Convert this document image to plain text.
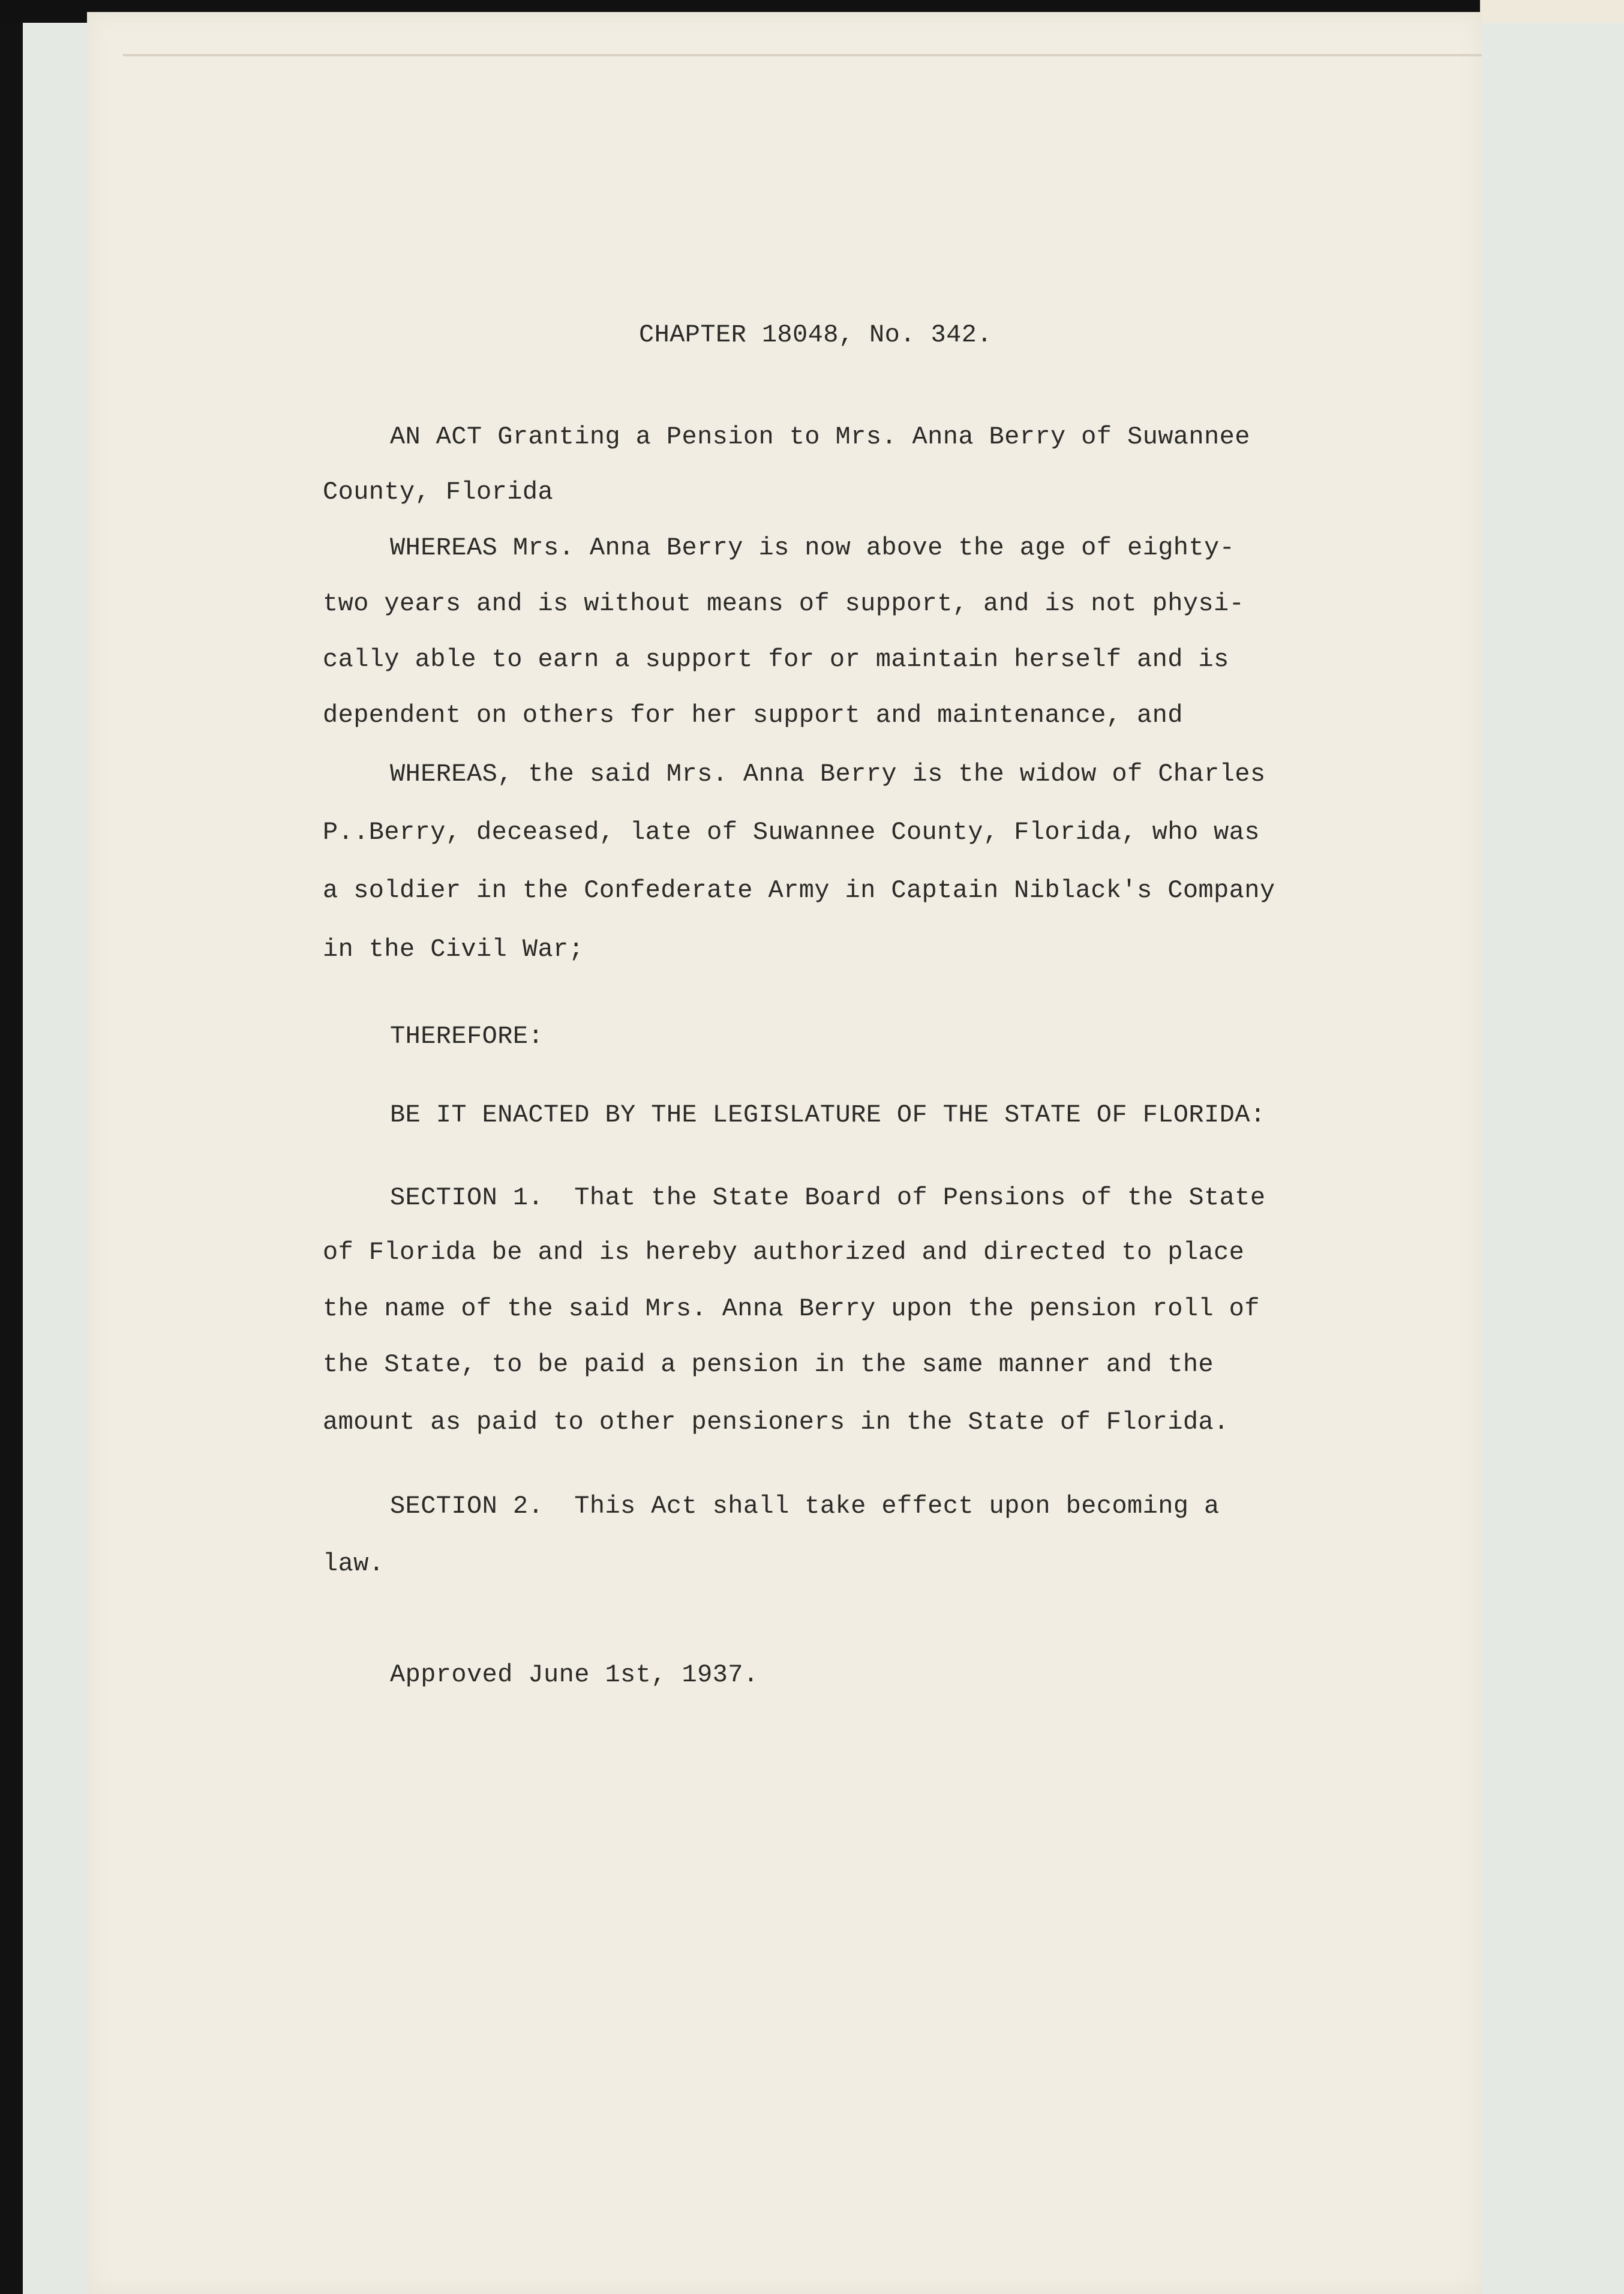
CHAPTER 18048, No. 342.

AN ACT Granting a Pension to Mrs. Anna Berry of Suwannee

County, Florida

WHEREAS Mrs. Anna Berry is now above the age of eighty-

two years and is without means of support, and is not physi-

cally able to earn a support for or maintain herself and is

dependent on others for her support and maintenance, and

WHEREAS, the said Mrs. Anna Berry is the widow of Charles

P..Berry, deceased, late of Suwannee County, Florida, who was

a soldier in the Confederate Army in Captain Niblack's Company

in the Civil War;

THEREFORE:

BE IT ENACTED BY THE LEGISLATURE OF THE STATE OF FLORIDA:

SECTION 1.  That the State Board of Pensions of the State

of Florida be and is hereby authorized and directed to place

the name of the said Mrs. Anna Berry upon the pension roll of

the State, to be paid a pension in the same manner and the

amount as paid to other pensioners in the State of Florida.

SECTION 2.  This Act shall take effect upon becoming a

law.

Approved June 1st, 1937.
